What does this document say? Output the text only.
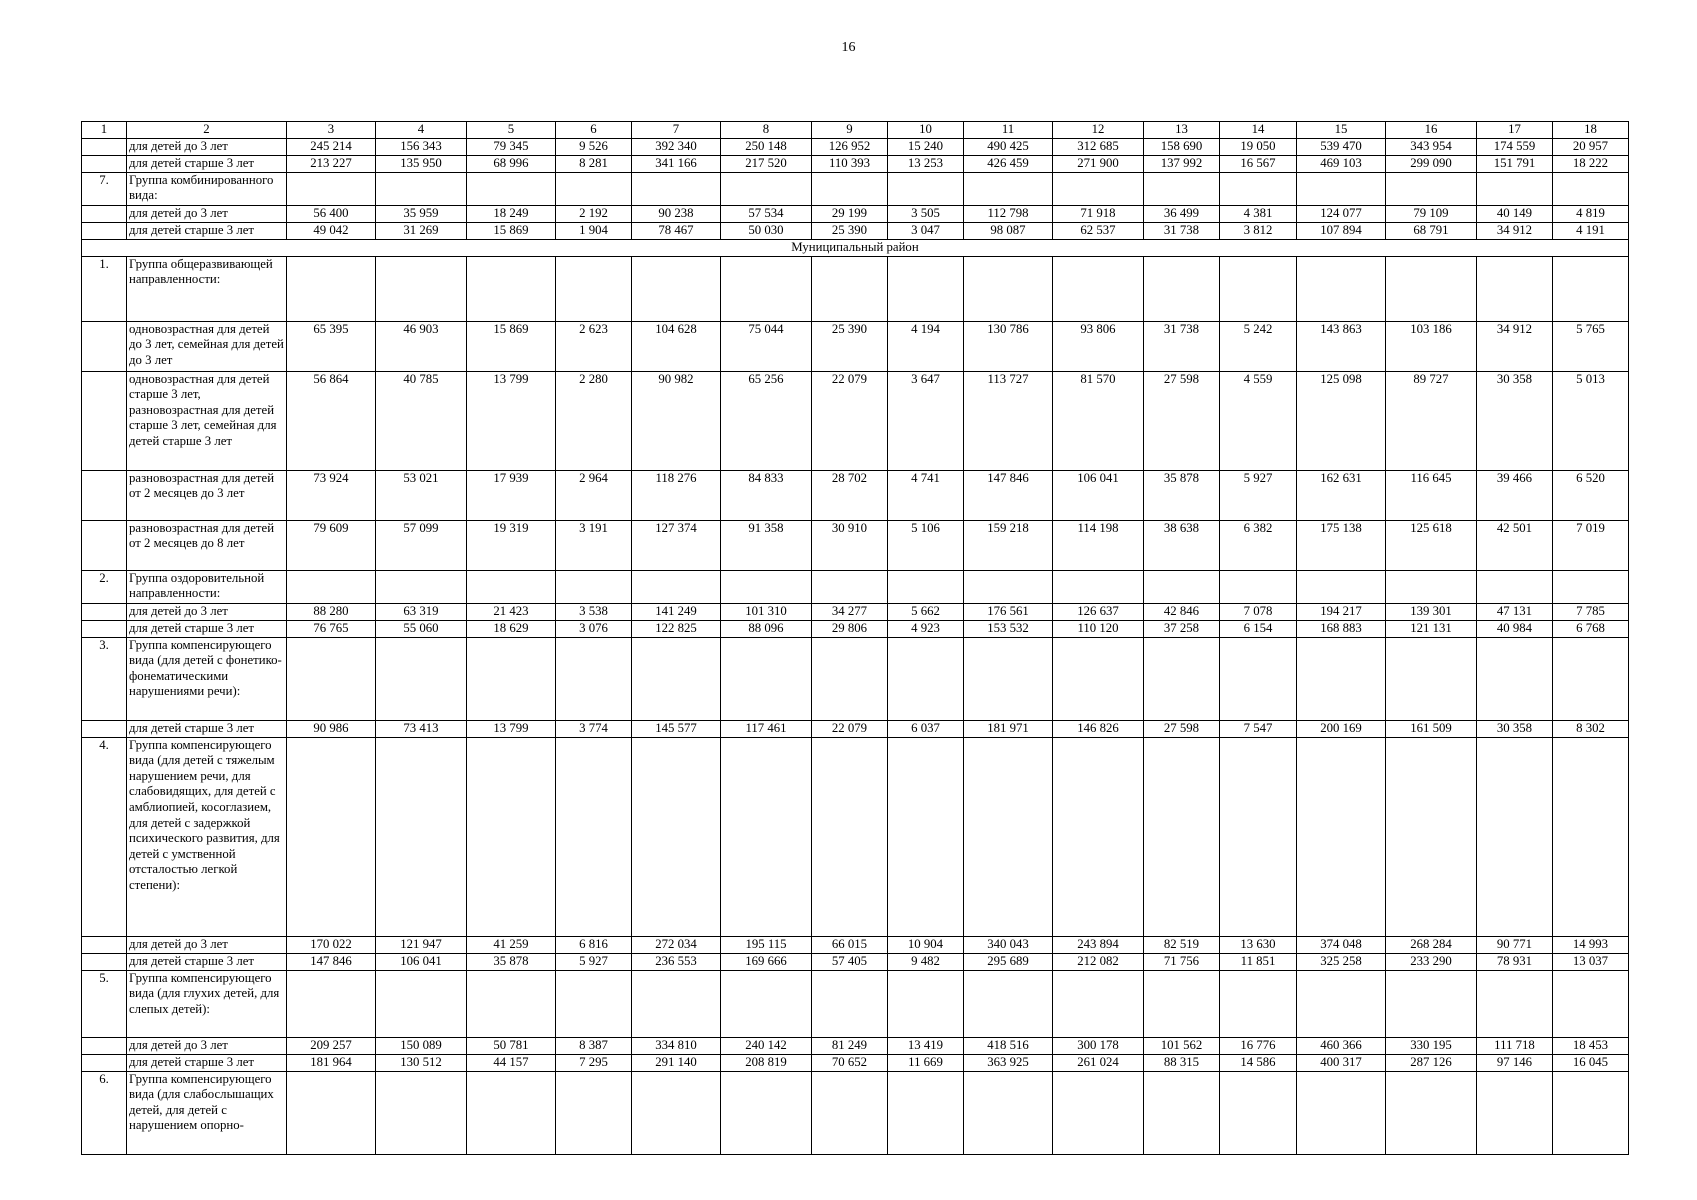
16
1	2	3	4	5	6	7	8	9	10	11	12	13	14	15	16	17	18
	для детей до 3 лет	245 214	156 343	79 345	9 526	392 340	250 148	126 952	15 240	490 425	312 685	158 690	19 050	539 470	343 954	174 559	20 957
	для детей старше 3 лет	213 227	135 950	68 996	8 281	341 166	217 520	110 393	13 253	426 459	271 900	137 992	16 567	469 103	299 090	151 791	18 222
7.	Группа комбинированного вида:																
	для детей до 3 лет	56 400	35 959	18 249	2 192	90 238	57 534	29 199	3 505	112 798	71 918	36 499	4 381	124 077	79 109	40 149	4 819
	для детей старше 3 лет	49 042	31 269	15 869	1 904	78 467	50 030	25 390	3 047	98 087	62 537	31 738	3 812	107 894	68 791	34 912	4 191
Муниципальный район																	
1.	Группа общеразвивающей направленности:																
	одновозрастная для детей до 3 лет, семейная для детей до 3 лет	65 395	46 903	15 869	2 623	104 628	75 044	25 390	4 194	130 786	93 806	31 738	5 242	143 863	103 186	34 912	5 765
	одновозрастная для детей старше 3 лет, разновозрастная для детей старше 3 лет, семейная для детей старше 3 лет	56 864	40 785	13 799	2 280	90 982	65 256	22 079	3 647	113 727	81 570	27 598	4 559	125 098	89 727	30 358	5 013
	разновозрастная для детей от 2 месяцев до 3 лет	73 924	53 021	17 939	2 964	118 276	84 833	28 702	4 741	147 846	106 041	35 878	5 927	162 631	116 645	39 466	6 520
	разновозрастная для детей от 2 месяцев до 8 лет	79 609	57 099	19 319	3 191	127 374	91 358	30 910	5 106	159 218	114 198	38 638	6 382	175 138	125 618	42 501	7 019
2.	Группа оздоровительной направленности:																
	для детей до 3 лет	88 280	63 319	21 423	3 538	141 249	101 310	34 277	5 662	176 561	126 637	42 846	7 078	194 217	139 301	47 131	7 785
	для детей старше 3 лет	76 765	55 060	18 629	3 076	122 825	88 096	29 806	4 923	153 532	110 120	37 258	6 154	168 883	121 131	40 984	6 768
3.	Группа компенсирующего вида (для детей с фонетико-фонематическими нарушениями речи):																
	для детей старше 3 лет	90 986	73 413	13 799	3 774	145 577	117 461	22 079	6 037	181 971	146 826	27 598	7 547	200 169	161 509	30 358	8 302
4.	Группа компенсирующего вида (для детей с тяжелым нарушением речи, для слабовидящих, для детей с амблиопией, косоглазием, для детей с задержкой психического развития, для детей с умственной отсталостью легкой степени):																
	для детей до 3 лет	170 022	121 947	41 259	6 816	272 034	195 115	66 015	10 904	340 043	243 894	82 519	13 630	374 048	268 284	90 771	14 993
	для детей старше 3 лет	147 846	106 041	35 878	5 927	236 553	169 666	57 405	9 482	295 689	212 082	71 756	11 851	325 258	233 290	78 931	13 037
5.	Группа компенсирующего вида (для глухих детей, для слепых детей):																
	для детей до 3 лет	209 257	150 089	50 781	8 387	334 810	240 142	81 249	13 419	418 516	300 178	101 562	16 776	460 366	330 195	111 718	18 453
	для детей старше 3 лет	181 964	130 512	44 157	7 295	291 140	208 819	70 652	11 669	363 925	261 024	88 315	14 586	400 317	287 126	97 146	16 045
6.	Группа компенсирующего вида (для слабослышащих детей, для детей с нарушением опорно-																
